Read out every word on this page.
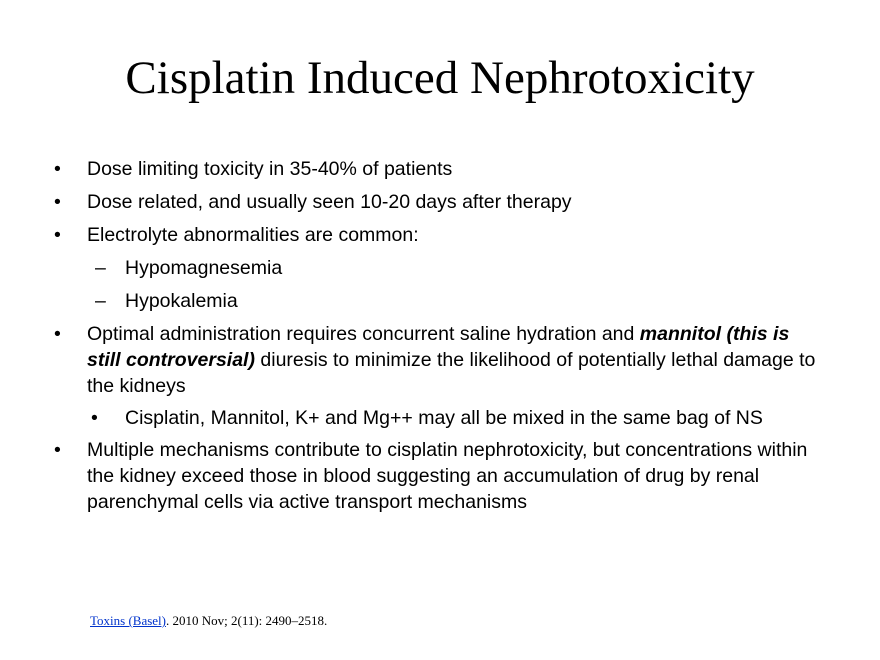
Cisplatin Induced Nephrotoxicity
• Dose limiting toxicity in 35-40% of patients
• Dose related, and usually seen 10-20 days after therapy
• Electrolyte abnormalities are common:
– Hypomagnesemia
– Hypokalemia
• Optimal administration requires concurrent saline hydration and mannitol (this is still controversial) diuresis to minimize the likelihood of potentially lethal damage to the kidneys
• Cisplatin, Mannitol, K+ and Mg++ may all be mixed in the same bag of NS
• Multiple mechanisms contribute to cisplatin nephrotoxicity, but concentrations within the kidney exceed those in blood suggesting an accumulation of drug by renal parenchymal cells via active transport mechanisms
Toxins (Basel). 2010 Nov; 2(11): 2490–2518.
